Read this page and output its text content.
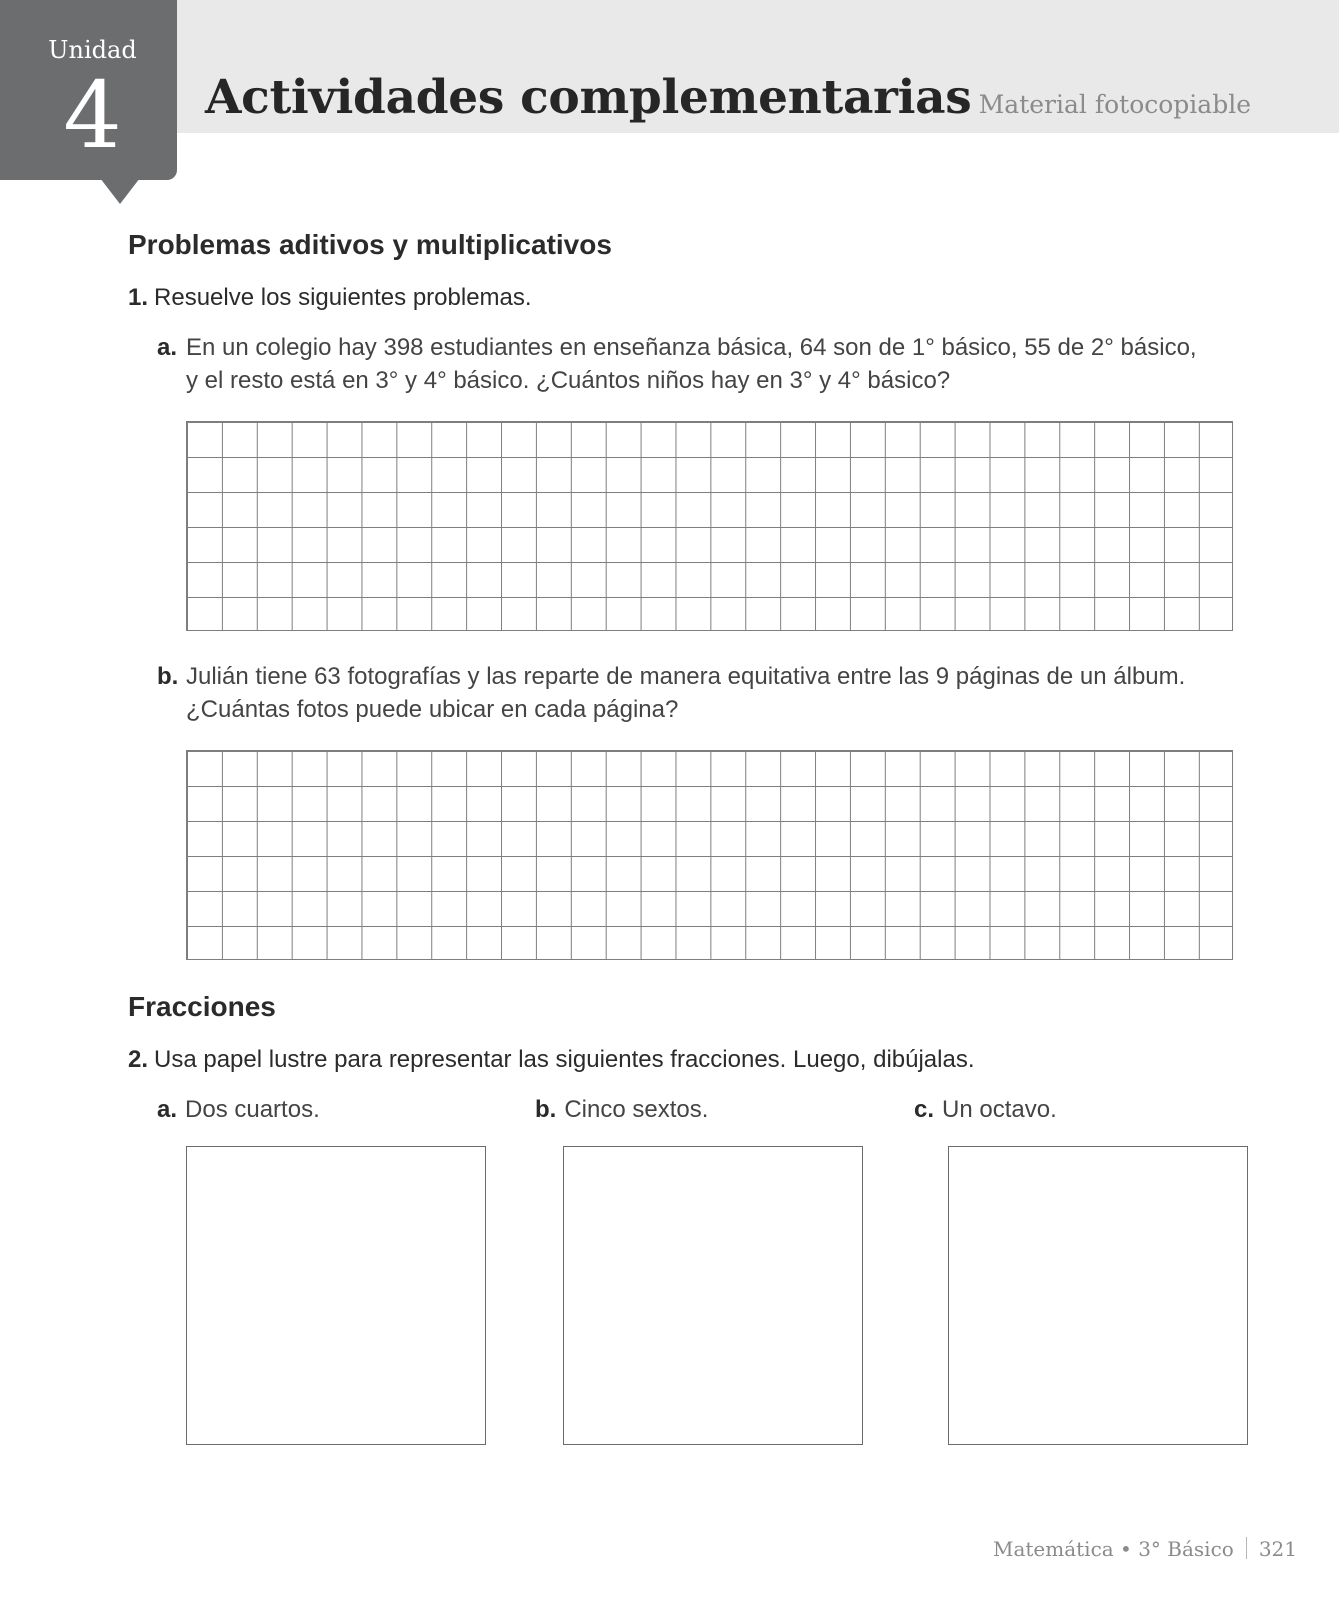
Unidad
4	Actividades complementarias Material fotocopiable
Problemas aditivos y multiplicativos
1. Resuelve los siguientes problemas.
a. En un colegio hay 398 estudiantes en enseñanza básica, 64 son de 1° básico, 55 de 2° básico,
y el resto está en 3° y 4° básico. ¿Cuántos niños hay en 3° y 4° básico?
b. Julián tiene 63 fotografías y las reparte de manera equitativa entre las 9 páginas de un álbum.
¿Cuántas fotos puede ubicar en cada página?
Fracciones
2. Usa papel lustre para representar las siguientes fracciones. Luego, dibújalas.
a. Dos cuartos.	b. Cinco sextos.	c. Un octavo.
Matemática • 3° Básico 321
